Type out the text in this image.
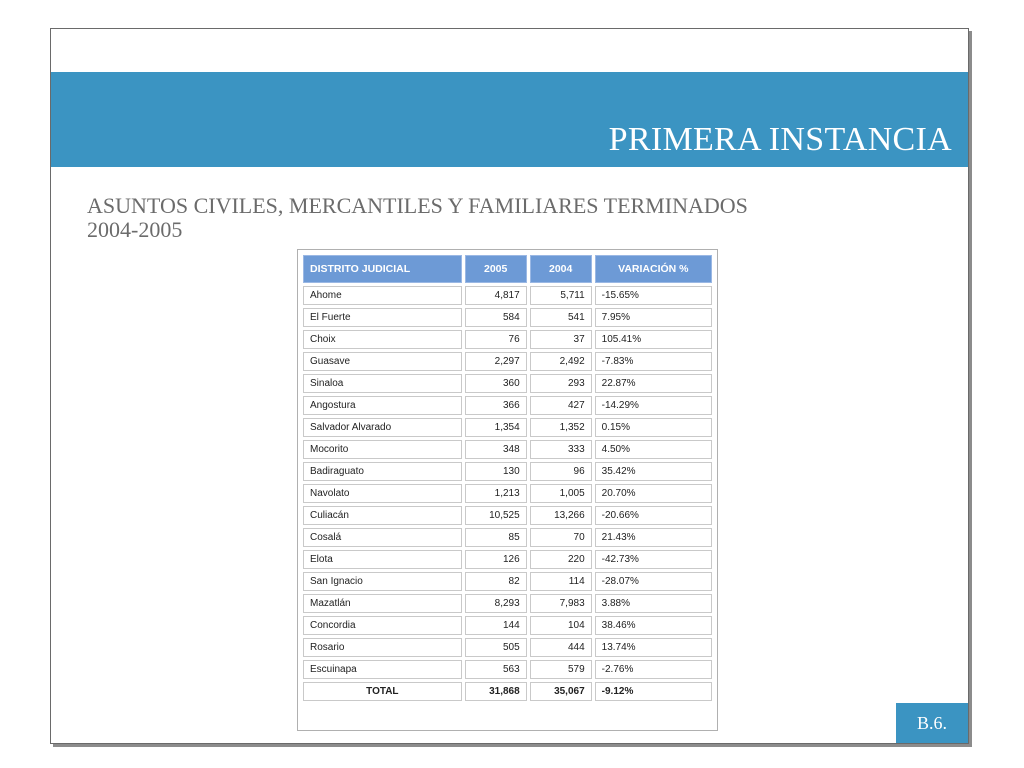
PRIMERA INSTANCIA
ASUNTOS CIVILES, MERCANTILES Y FAMILIARES TERMINADOS
2004-2005
DISTRITO JUDICIAL	2005	2004	VARIACIÓN %
Ahome	4,817	5,711	-15.65%
El Fuerte	584	541	7.95%
Choix	76	37	105.41%
Guasave	2,297	2,492	-7.83%
Sinaloa	360	293	22.87%
Angostura	366	427	-14.29%
Salvador Alvarado	1,354	1,352	0.15%
Mocorito	348	333	4.50%
Badiraguato	130	96	35.42%
Navolato	1,213	1,005	20.70%
Culiacán	10,525	13,266	-20.66%
Cosalá	85	70	21.43%
Elota	126	220	-42.73%
San Ignacio	82	114	-28.07%
Mazatlán	8,293	7,983	3.88%
Concordia	144	104	38.46%
Rosario	505	444	13.74%
Escuinapa	563	579	-2.76%
TOTAL	31,868	35,067	-9.12%
B.6.
